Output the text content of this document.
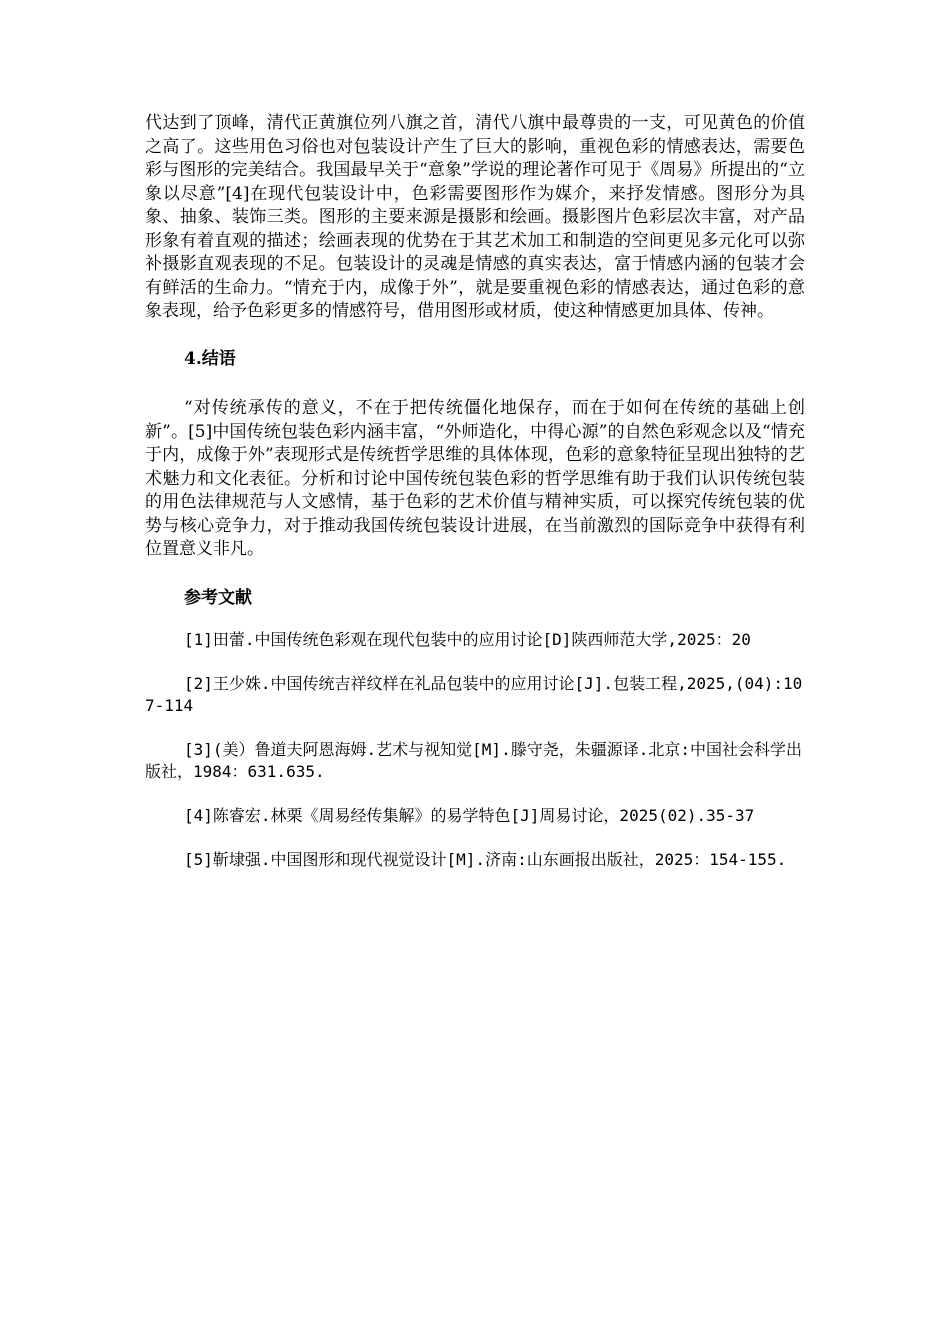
代达到了顶峰，清代正黄旗位列八旗之首，清代八旗中最尊贵的一支，可见黄色的价值之高了。这些用色习俗也对包装设计产生了巨大的影响，重视色彩的情感表达，需要色彩与图形的完美结合。我国最早关于“意象”学说的理论著作可见于《周易》所提出的“立象以尽意”[4]在现代包装设计中，色彩需要图形作为媒介，来抒发情感。图形分为具象、抽象、装饰三类。图形的主要来源是摄影和绘画。摄影图片色彩层次丰富，对产品形象有着直观的描述；绘画表现的优势在于其艺术加工和制造的空间更见多元化可以弥补摄影直观表现的不足。包装设计的灵魂是情感的真实表达，富于情感内涵的包装才会有鲜活的生命力。“情充于内，成像于外”，就是要重视色彩的情感表达，通过色彩的意象表现，给予色彩更多的情感符号，借用图形或材质，使这种情感更加具体、传神。

4.结语

“对传统承传的意义，不在于把传统僵化地保存，而在于如何在传统的基础上创新”。[5]中国传统包装色彩内涵丰富，“外师造化，中得心源”的自然色彩观念以及“情充于内，成像于外”表现形式是传统哲学思维的具体体现，色彩的意象特征呈现出独特的艺术魅力和文化表征。分析和讨论中国传统包装色彩的哲学思维有助于我们认识传统包装的用色法律规范与人文感情，基于色彩的艺术价值与精神实质，可以探究传统包装的优势与核心竞争力，对于推动我国传统包装设计进展，在当前激烈的国际竞争中获得有利位置意义非凡。

参考文献

[1]田蕾.中国传统色彩观在现代包装中的应用讨论[D]陕西师范大学,2025：20

[2]王少姝.中国传统吉祥纹样在礼品包装中的应用讨论[J].包装工程,2025,(04):107-114

[3](美）鲁道夫阿恩海姆.艺术与视知觉[M].滕守尧，朱疆源译.北京:中国社会科学出版社，1984：631.635.

[4]陈睿宏.林栗《周易经传集解》的易学特色[J]周易讨论，2025(02).35-37

[5]靳埭强.中国图形和现代视觉设计[M].济南:山东画报出版社，2025：154-155.
